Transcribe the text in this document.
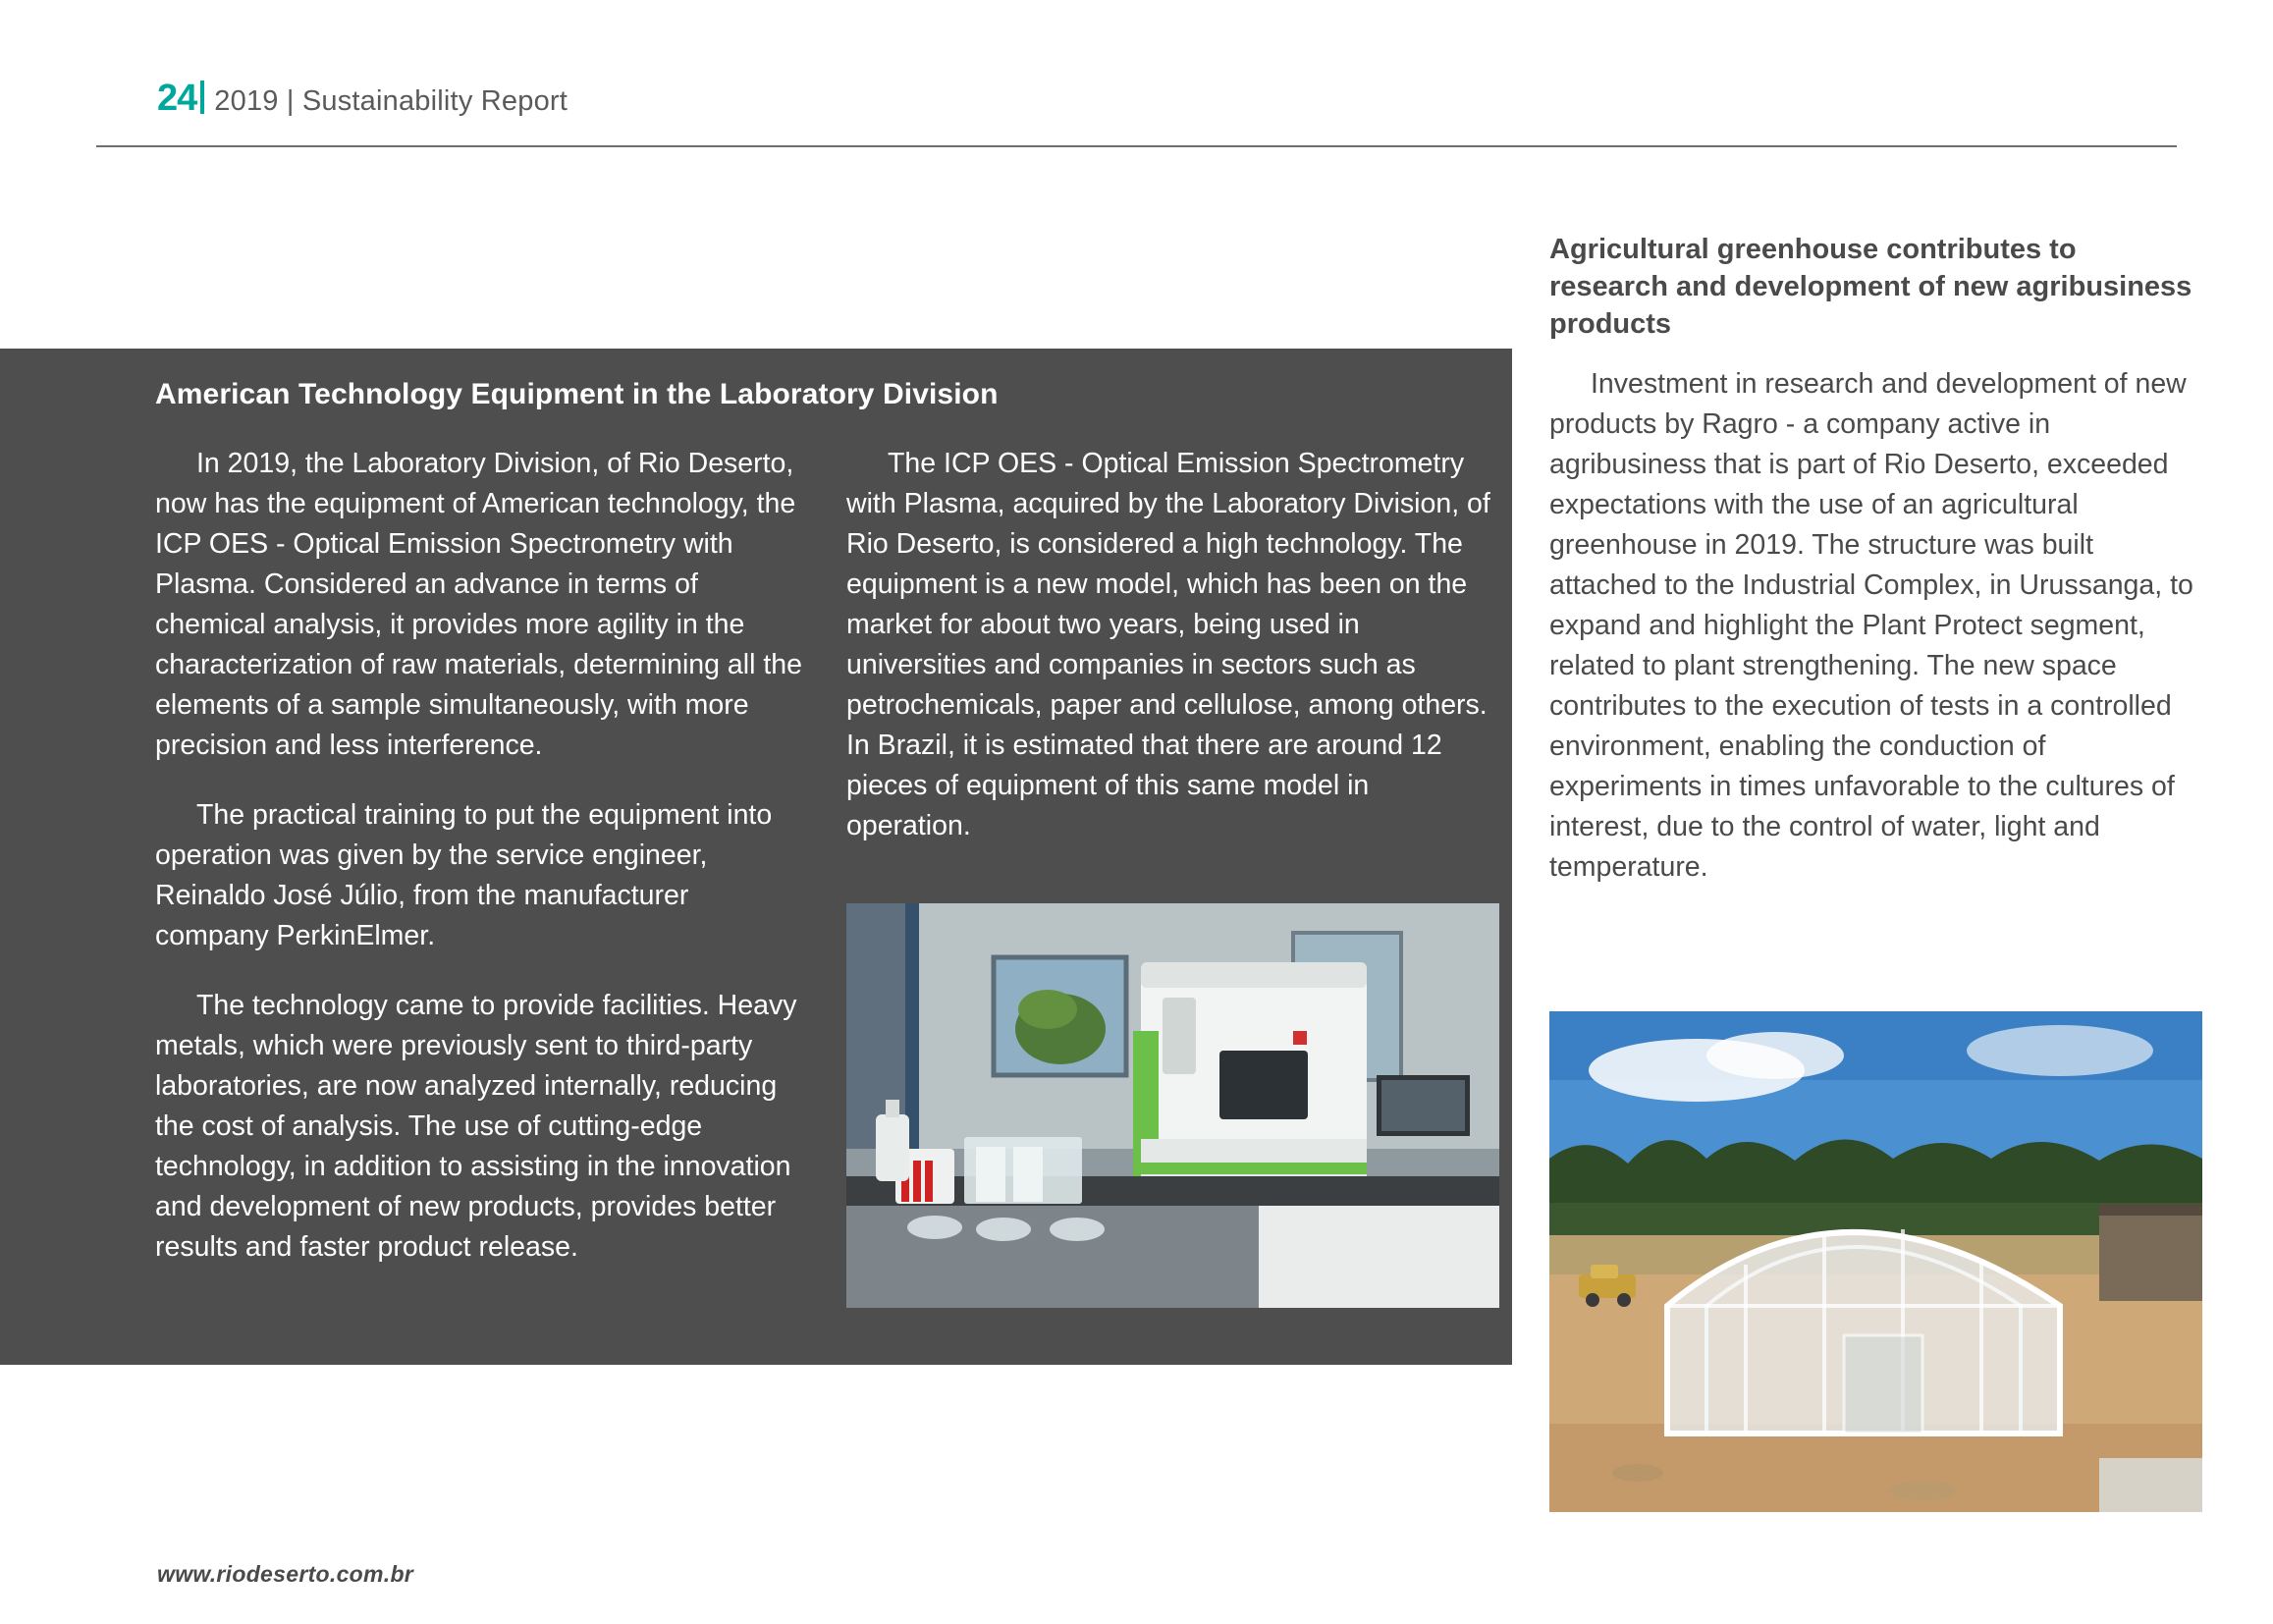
24 2019 | Sustainability Report
American Technology Equipment in the Laboratory Division

In 2019, the Laboratory Division, of Rio Deserto, now has the equipment of American technology, the ICP OES - Optical Emission Spectrometry with Plasma. Considered an advance in terms of chemical analysis, it provides more agility in the characterization of raw materials, determining all the elements of a sample simultaneously, with more precision and less interference.

The practical training to put the equipment into operation was given by the service engineer, Reinaldo José Júlio, from the manufacturer company PerkinElmer.

The technology came to provide facilities. Heavy metals, which were previously sent to third-party laboratories, are now analyzed internally, reducing the cost of analysis. The use of cutting-edge technology, in addition to assisting in the innovation and development of new products, provides better results and faster product release.

The ICP OES - Optical Emission Spectrometry with Plasma, acquired by the Laboratory Division, of Rio Deserto, is considered a high technology. The equipment is a new model, which has been on the market for about two years, being used in universities and companies in sectors such as petrochemicals, paper and cellulose, among others. In Brazil, it is estimated that there are around 12 pieces of equipment of this same model in operation.

Agricultural greenhouse contributes to research and development of new agribusiness products

Investment in research and development of new products by Ragro - a company active in agribusiness that is part of Rio Deserto, exceeded expectations with the use of an agricultural greenhouse in 2019. The structure was built attached to the Industrial Complex, in Urussanga, to expand and highlight the Plant Protect segment, related to plant strengthening. The new space contributes to the execution of tests in a controlled environment, enabling the conduction of experiments in times unfavorable to the cultures of interest, due to the control of water, light and temperature.

www.riodeserto.com.br
